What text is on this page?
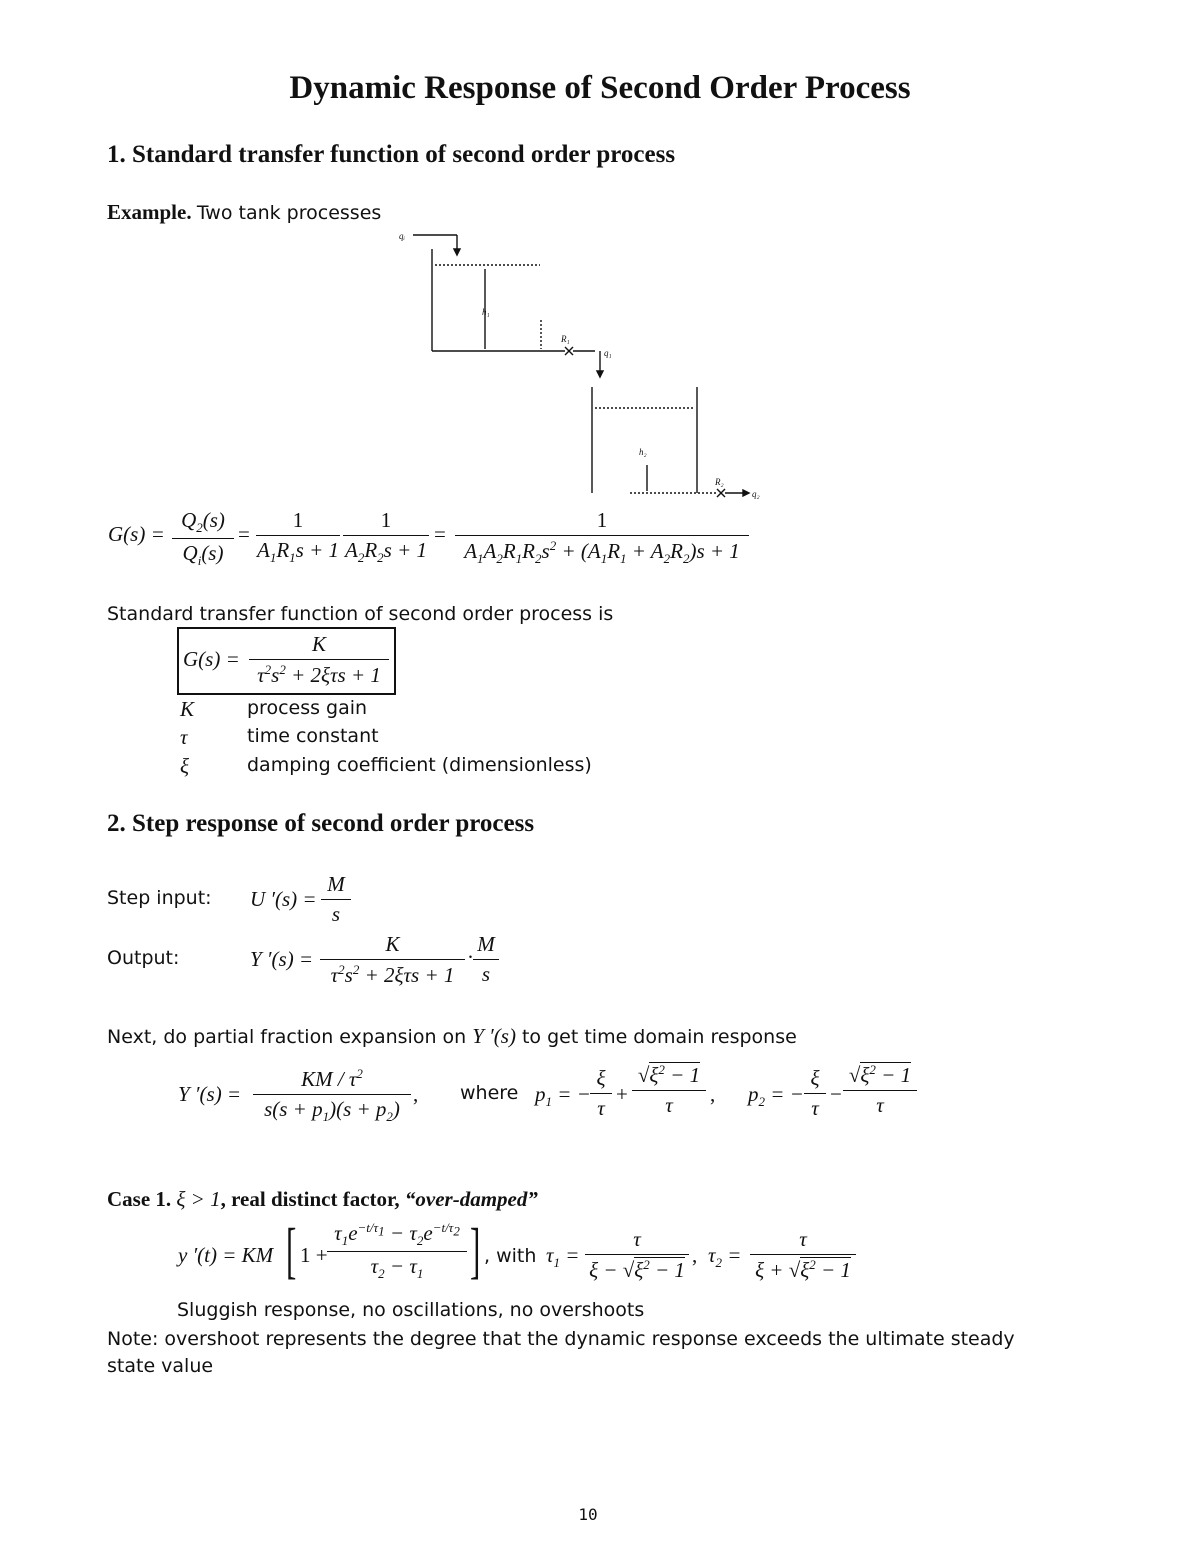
Dynamic Response of Second Order Process
1. Standard transfer function of second order process
Example. Two tank processes
qᵢ
h₁
R₁
q₁
h₂
R₂
q₂
G(s) =
$Q_2(s)$
$Q_i(s)$
=
1
$A_1R_1s + 1$
1
$A_2R_2s + 1$
=
1
$A_1A_2R_1R_2s^2 + (A_1R_1 + A_2R_2)s + 1$
Standard transfer function of second order process is
G(s) =
K
$\tau^2s^2 + 2\xi\tau s + 1$
K	process gain
τ	time constant
ξ	damping coefficient (dimensionless)
2. Step response of second order process
Step input: U ′(s) =
M
s
Output:	Y ′(s) =
K
$\tau^2s^2 + 2\xi\tau s + 1$
·
M
s
Next, do partial fraction expansion on Y ′(s) to get time domain response
Y ′(s) =
KM / $\tau^2$
$s(s + p_1)(s + p_2)$
, where $p_1$ = −
ξ
τ
+
$√\xi^2 - 1$
τ	, $p_2$ = −
ξ
τ
−
$√\xi^2 - 1$
τ
Case 1. ξ > 1, real distinct factor, “over-damped”
y ′(t) = KM [ 1 +
$\tau_1e^{-t/\tau_1} - \tau_2e^{-t/\tau_2}$
$\tau_2 - \tau_1$ ] , with $\tau_1$ =
τ
$\xi - √\xi^2 - 1$
, $\tau_2$ =
τ
$\xi + √\xi^2 - 1$
Sluggish response, no oscillations, no overshoots
Note: overshoot represents the degree that the dynamic response exceeds the ultimate steady state value
10
